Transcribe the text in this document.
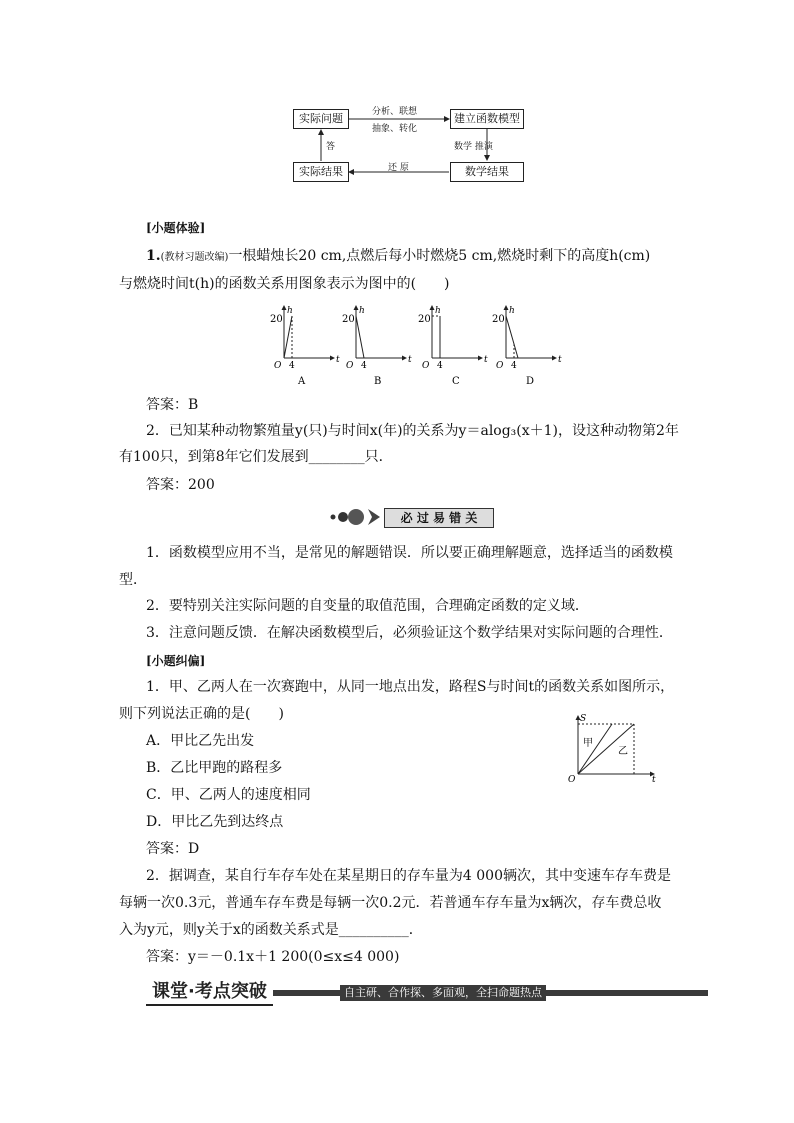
实际问题	建立函数模型
实际结果	数学结果
分析、联想
抽象、转化
数学 推演
还 原
答
[小题体验]
1.(教材习题改编)一根蜡烛长20 cm,点燃后每小时燃烧5 cm,燃烧时剩下的高度h(cm)
与燃烧时间t(h)的函数关系用图象表示为图中的(　　)
20
h
O 4
t
A
20
h
O 4
t
B
20
h
O 4
t
C
20
h
O 4
t
D
答案：B
2．已知某种动物繁殖量y(只)与时间x(年)的关系为y＝alog₃(x＋1)，设这种动物第2年
有100只，到第8年它们发展到________只．
答案：200
必 过 易 错 关
1．函数模型应用不当，是常见的解题错误．所以要正确理解题意，选择适当的函数模
型．
2．要特别关注实际问题的自变量的取值范围，合理确定函数的定义域．
3．注意问题反馈．在解决函数模型后，必须验证这个数学结果对实际问题的合理性．
[小题纠偏]
1．甲、乙两人在一次赛跑中，从同一地点出发，路程S与时间t的函数关系如图所示，
则下列说法正确的是(　　)
A．甲比乙先出发
B．乙比甲跑的路程多
C．甲、乙两人的速度相同
D．甲比乙先到达终点
S
O	t
甲
乙
答案：D
2．据调查，某自行车存车处在某星期日的存车量为4 000辆次，其中变速车存车费是
每辆一次0.3元，普通车存车费是每辆一次0.2元．若普通车存车量为x辆次，存车费总收
入为y元，则y关于x的函数关系式是__________．
答案：y＝－0.1x＋1 200(0≤x≤4 000)
课堂·考点突破	自主研、合作探、多面观，全扫命题热点
